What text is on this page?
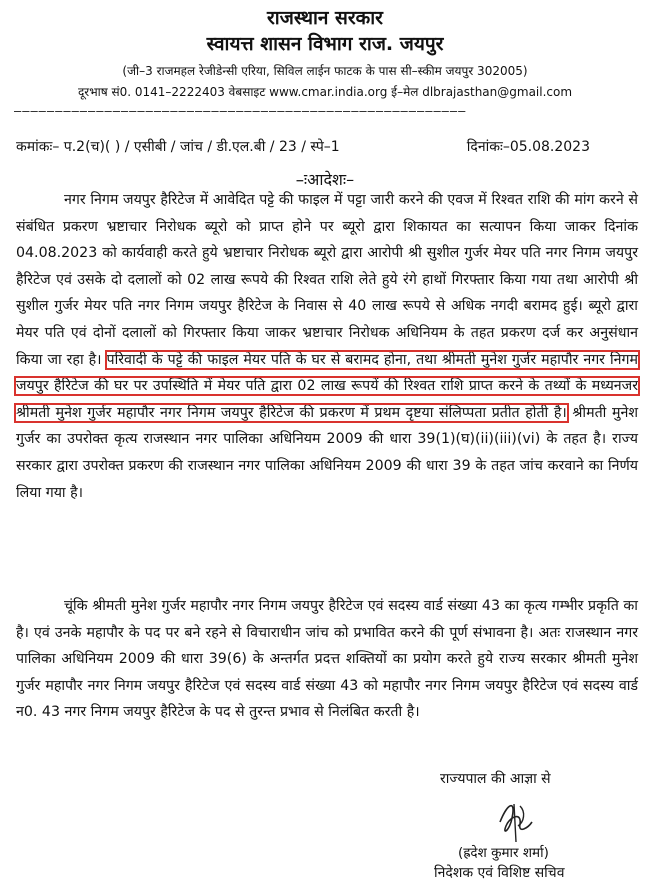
राजस्थान सरकार
स्वायत्त शासन विभाग राज. जयपुर
(जी–3 राजमहल रेजीडेन्सी एरिया, सिविल लाईन फाटक के पास सी–स्कीम जयपुर 302005)
दूरभाष सं0. 0141–2222403 वेबसाइट www.cmar.india.org ई–मेल dlbrajasthan@gmail.com
———————————————————————————————————————————————————————
कमांकः– प.2(च)( ) / एसीबी / जांच / डी.एल.बी / 23 / स्पे–1	दिनांकः–05.08.2023
–ःआदेशः–
नगर निगम जयपुर हैरिटेज में आवेदित पट्टे की फाइल में पट्टा जारी करने की एवज में रिश्वत राशि की मांग करने से संबंधित प्रकरण भ्रष्टाचार निरोधक ब्यूरो को प्राप्त होने पर ब्यूरो द्वारा शिकायत का सत्यापन किया जाकर दिनांक 04.08.2023 को कार्यवाही करते हुये भ्रष्टाचार निरोधक ब्यूरो द्वारा आरोपी श्री सुशील गुर्जर मेयर पति नगर निगम जयपुर हैरिटेज एवं उसके दो दलालों को 02 लाख रूपये की रिश्वत राशि लेते हुये रंगे हाथों गिरफ्तार किया गया तथा आरोपी श्री सुशील गुर्जर मेयर पति नगर निगम जयपुर हैरिटेज के निवास से 40 लाख रूपये से अधिक नगदी बरामद हुई। ब्यूरो द्वारा मेयर पति एवं दोनों दलालों को गिरफ्तार किया जाकर भ्रष्टाचार निरोधक अधिनियम के तहत प्रकरण दर्ज कर अनुसंधान किया जा रहा है। परिवादी के पट्टे की फाइल मेयर पति के घर से बरामद होना, तथा श्रीमती मुनेश गुर्जर महापौर नगर निगम जयपुर हैरिटेज की घर पर उपस्थिति में मेयर पति द्वारा 02 लाख रूपयें की रिश्वत राशि प्राप्त करने के तथ्यों के मध्यनजर श्रीमती मुनेश गुर्जर महापौर नगर निगम जयपुर हैरिटेज की प्रकरण में प्रथम दृष्टया संलिप्पता प्रतीत होती है। श्रीमती मुनेश गुर्जर का उपरोक्त कृत्य राजस्थान नगर पालिका अधिनियम 2009 की धारा 39(1)(घ)(ii)(iii)(vi) के तहत है। राज्य सरकार द्वारा उपरोक्त प्रकरण की राजस्थान नगर पालिका अधिनियम 2009 की धारा 39 के तहत जांच करवाने का निर्णय लिया गया है।
चूंकि श्रीमती मुनेश गुर्जर महापौर नगर निगम जयपुर हैरिटेज एवं सदस्य वार्ड संख्या 43 का कृत्य गम्भीर प्रकृति का है। एवं उनके महापौर के पद पर बने रहने से विचाराधीन जांच को प्रभावित करने की पूर्ण संभावना है। अतः राजस्थान नगर पालिका अधिनियम 2009 की धारा 39(6) के अन्तर्गत प्रदत्त शक्तियों का प्रयोग करते हुये राज्य सरकार श्रीमती मुनेश गुर्जर महापौर नगर निगम जयपुर हैरिटेज एवं सदस्य वार्ड संख्या 43 को महापौर नगर निगम जयपुर हैरिटेज एवं सदस्य वार्ड न0. 43 नगर निगम जयपुर हैरिटेज के पद से तुरन्त प्रभाव से निलंबित करती है।
राज्यपाल की आज्ञा से
(ह्रदेश कुमार शर्मा)
निदेशक एवं विशिष्ट सचिव
